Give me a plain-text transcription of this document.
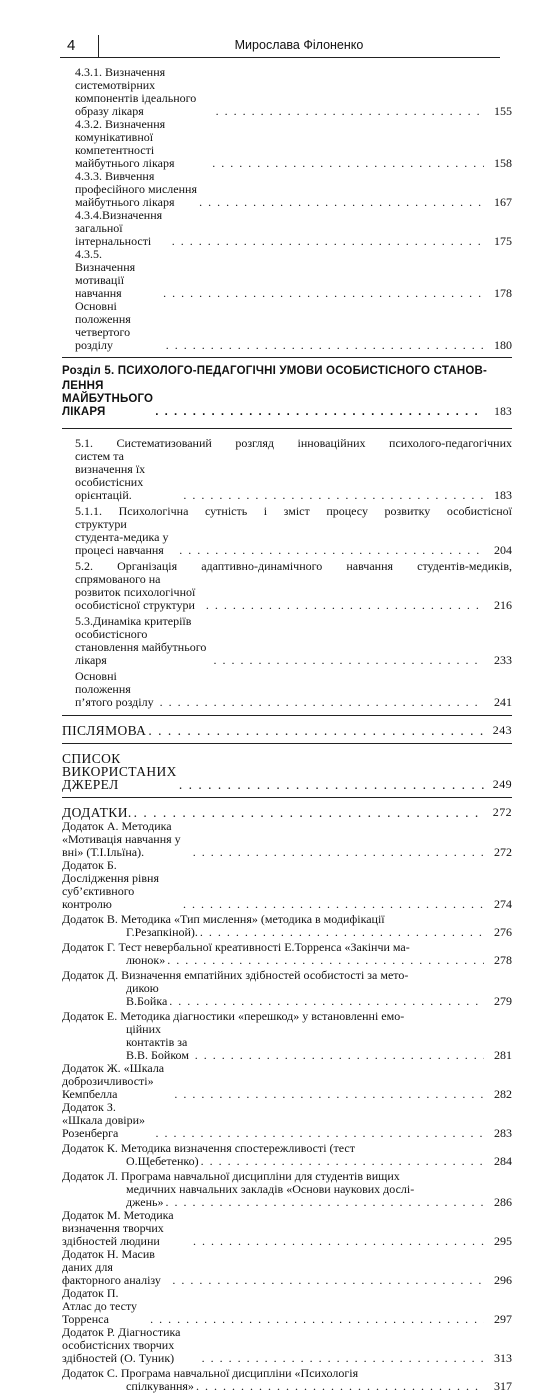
4	Мирослава Філоненко
4.3.1. Визначення системотвірних компонентів ідеального образу лікаря . . .	155
4.3.2. Визначення комунікативної компетентності майбутнього лікаря . . .	158
4.3.3. Вивчення професійного мислення майбутнього лікаря . . .	167
4.3.4.Визначення загальної інтернальності . . .	175
4.3.5. Визначення мотивації навчання . . .	178
Основні положення четвертого розділу . . .	180
Розділ 5. ПСИХОЛОГО-ПЕДАГОГІЧНІ УМОВИ ОСОБИСТІСНОГО СТАНОВ-
ЛЕННЯ МАЙБУТНЬОГО ЛІКАРЯ . . .	183
5.1. Систематизований розгляд інноваційних психолого-педагогічних
систем та визначення їх особистісних орієнтацій. . . .	183
5.1.1. Психологічна сутність і зміст процесу розвитку особистісної
структури студента-медика у процесі навчання . . .	204
5.2. Організація адаптивно-динамічного навчання студентів-медиків,
спрямованого на розвиток психологічної особистісної структури . . .	216
5.3.Динаміка критеріїв особистісного становлення майбутнього лікаря . . .	233
Основні положення п’ятого розділу . . .	241
ПІСЛЯМОВА . . .	243
СПИСОК ВИКОРИСТАНИХ ДЖЕРЕЛ . . .	249
ДОДАТКИ. . . .	272
Додаток А. Методика «Мотивація навчання у вні» (Т.І.Ільїна). . . .	272
Додаток Б. Дослідження рівня суб’єктивного контролю . . .	274
Додаток В. Методика «Тип мислення» (методика в модифікації
Г.Резапкіной). . . .	276
Додаток Г. Тест невербальної креативності Е.Торренса «Закінчи ма-
люнок» . . .	278
Додаток Д. Визначення емпатійних здібностей особистості за мето-
дикою В.Бойка . . .	279
Додаток Е. Методика діагностики «перешкод» у встановленні емо-
ційних контактів за В.В. Бойком . . .	281
Додаток Ж. «Шкала доброзичливості» Кемпбелла . . .	282
Додаток З. «Шкала довіри» Розенберга . . .	283
Додаток К. Методика визначення спостережливості (тест
О.Щебетенко) . . .	284
Додаток Л. Програма навчальної дисципліни для студентів вищих
медичних навчальних закладів «Основи наукових дослі-
джень» . . .	286
Додаток М. Методика визначення творчих здібностей людини . . .	295
Додаток Н. Масив даних для факторного аналізу . . .	296
Додаток П. Атлас до тесту Торренса . . .	297
Додаток Р. Діагностика особистісних творчих здібностей (О. Туник) . . .	313
Додаток С. Програма навчальної дисципліни «Психологія
спілкування» . . .	317
